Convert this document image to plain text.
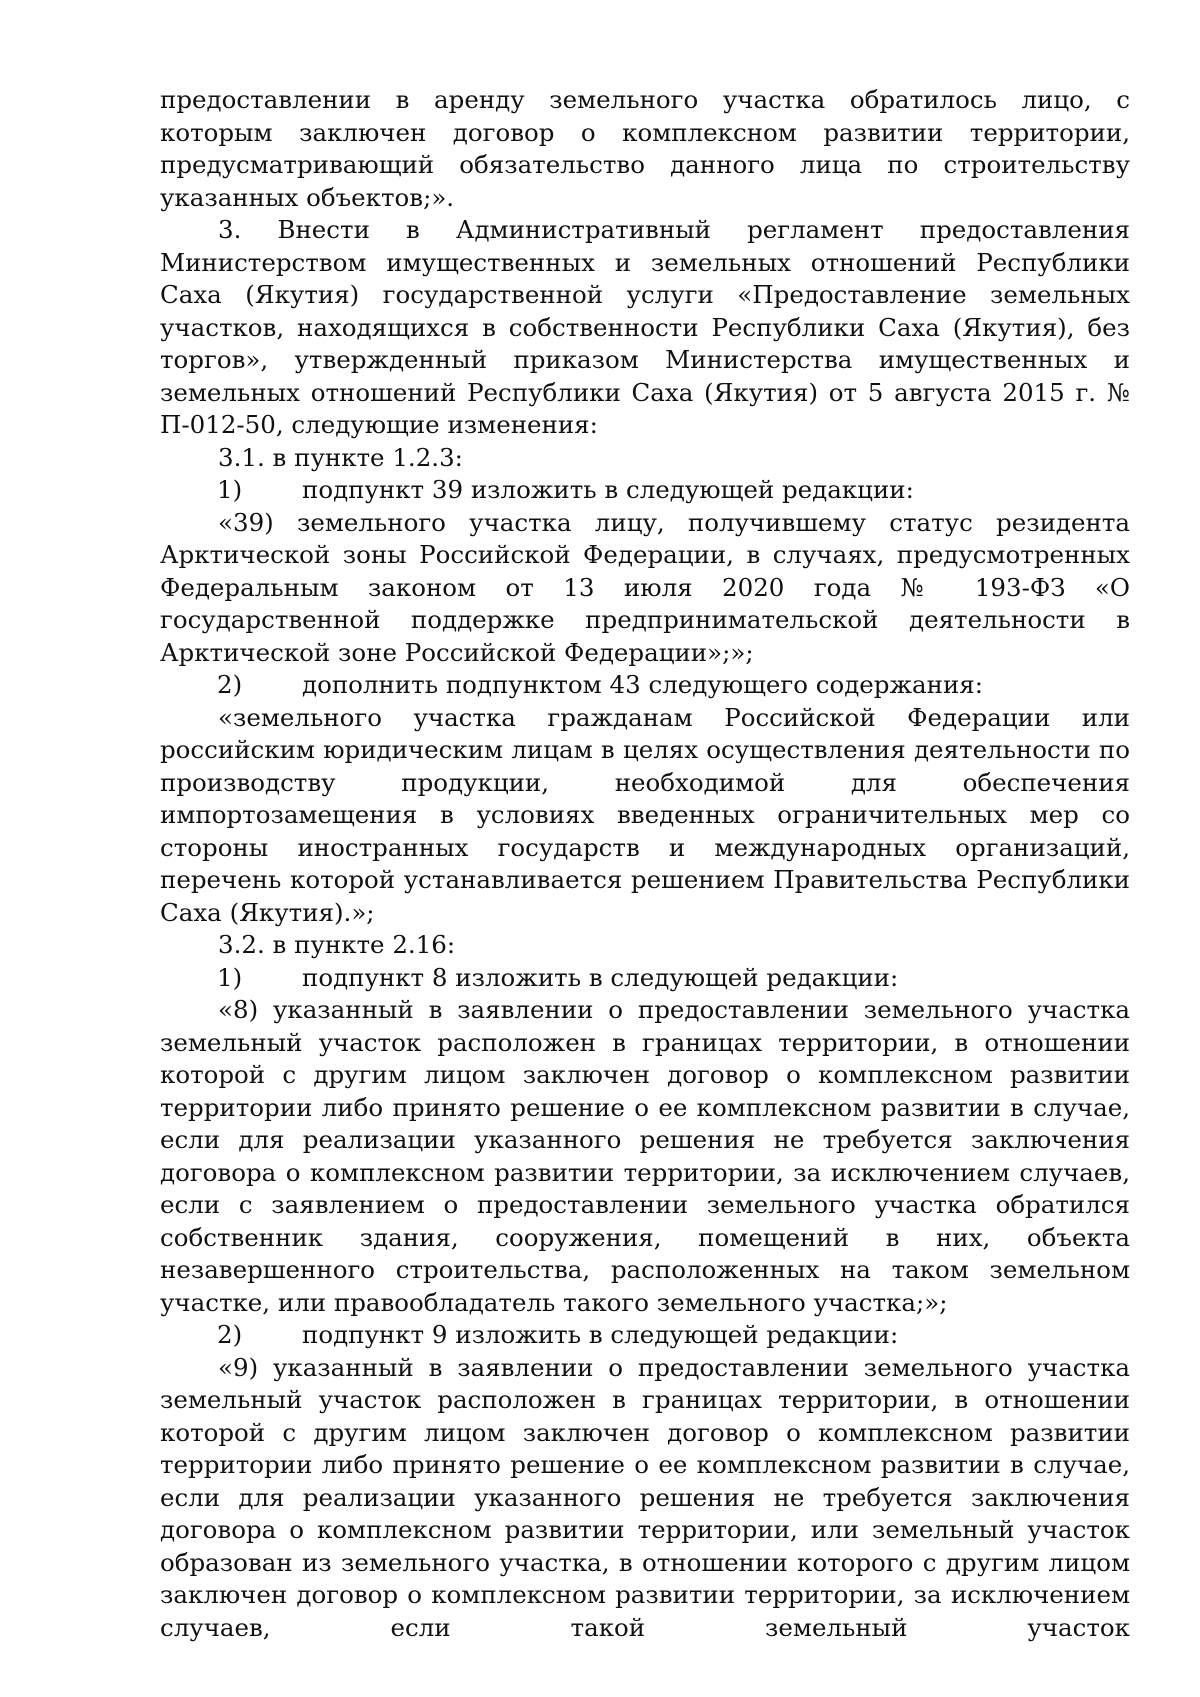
предоставлении в аренду земельного участка обратилось лицо, с которым заключен договор о комплексном развитии территории, предусматривающий обязательство данного лица по строительству указанных объектов;».

3. Внести в Административный регламент предоставления Министерством имущественных и земельных отношений Республики Саха (Якутия) государственной услуги «Предоставление земельных участков, находящихся в собственности Республики Саха (Якутия), без торгов», утвержденный приказом Министерства имущественных и земельных отношений Республики Саха (Якутия) от 5 августа 2015 г. № П-012-50, следующие изменения:

3.1. в пункте 1.2.3:

1) подпункт 39 изложить в следующей редакции:

«39) земельного участка лицу, получившему статус резидента Арктической зоны Российской Федерации, в случаях, предусмотренных Федеральным законом от 13 июля 2020 года № 193-ФЗ «О государственной поддержке предпринимательской деятельности в Арктической зоне Российской Федерации»;»;

2) дополнить подпунктом 43 следующего содержания:

«земельного участка гражданам Российской Федерации или российским юридическим лицам в целях осуществления деятельности по производству продукции, необходимой для обеспечения импортозамещения в условиях введенных ограничительных мер со стороны иностранных государств и международных организаций, перечень которой устанавливается решением Правительства Республики Саха (Якутия).»;

3.2. в пункте 2.16:

1) подпункт 8 изложить в следующей редакции:

«8) указанный в заявлении о предоставлении земельного участка земельный участок расположен в границах территории, в отношении которой с другим лицом заключен договор о комплексном развитии территории либо принято решение о ее комплексном развитии в случае, если для реализации указанного решения не требуется заключения договора о комплексном развитии территории, за исключением случаев, если с заявлением о предоставлении земельного участка обратился собственник здания, сооружения, помещений в них, объекта незавершенного строительства, расположенных на таком земельном участке, или правообладатель такого земельного участка;»;

2) подпункт 9 изложить в следующей редакции:

«9) указанный в заявлении о предоставлении земельного участка земельный участок расположен в границах территории, в отношении которой с другим лицом заключен договор о комплексном развитии территории либо принято решение о ее комплексном развитии в случае, если для реализации указанного решения не требуется заключения договора о комплексном развитии территории, или земельный участок образован из земельного участка, в отношении которого с другим лицом заключен договор о комплексном развитии территории, за исключением случаев, если такой земельный участок
